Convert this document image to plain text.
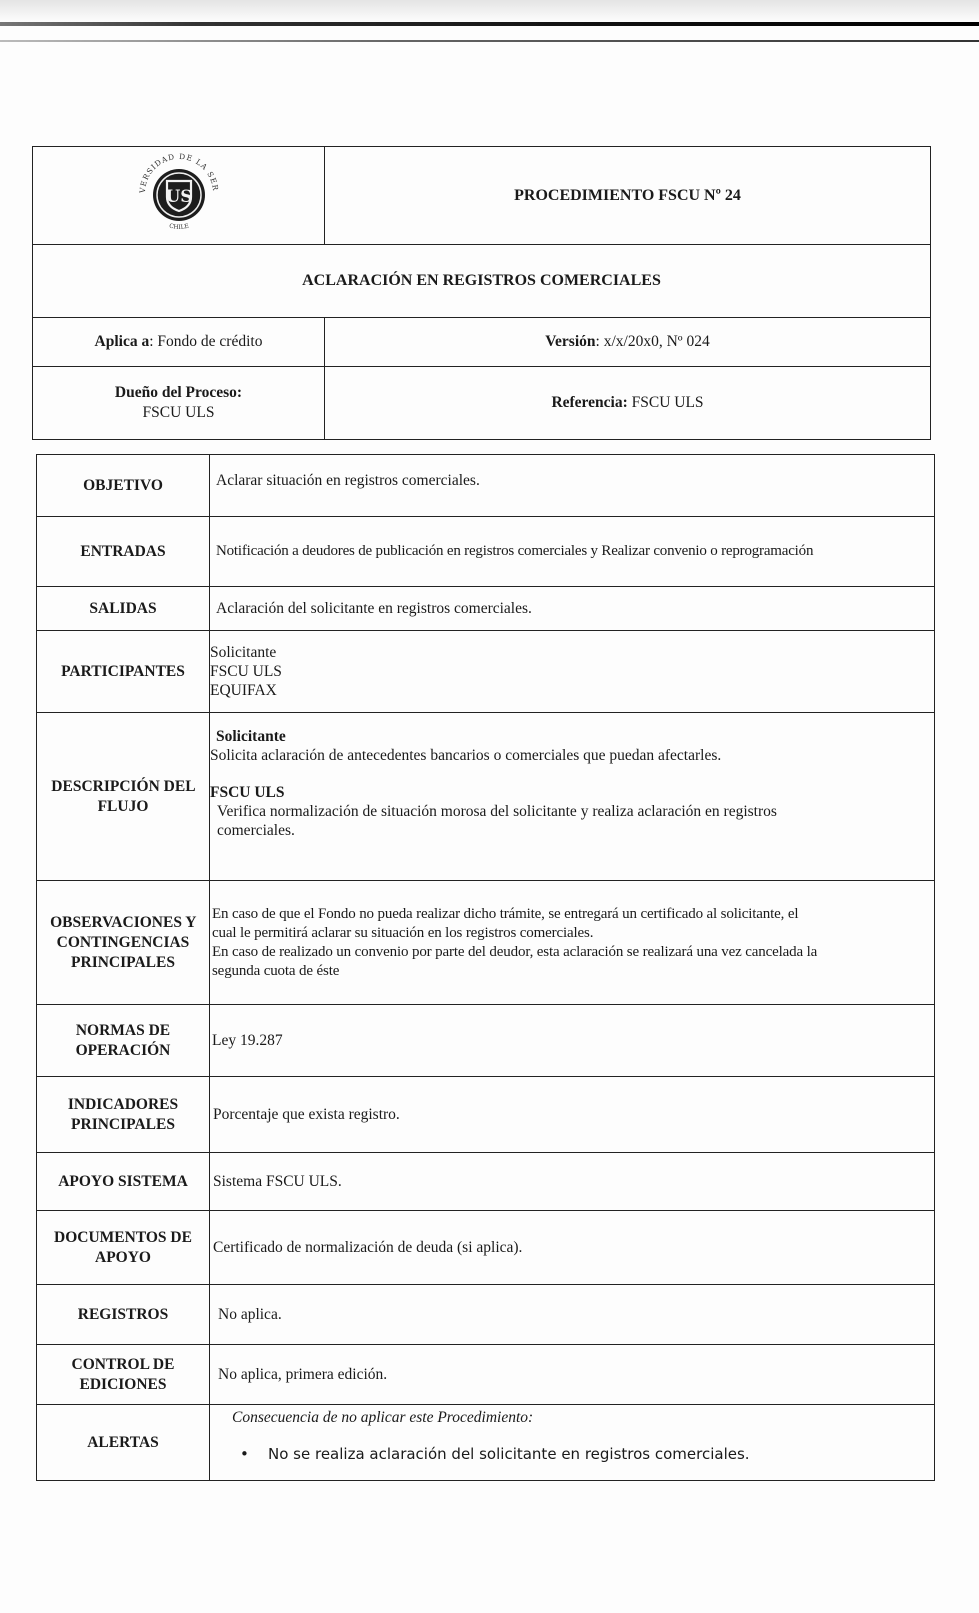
VERSIDAD DE LA SER
CHILE
US	PROCEDIMIENTO FSCU Nº 24
ACLARACIÓN EN REGISTROS COMERCIALES	
Aplica a: Fondo de crédito	Versión: x/x/20x0, Nº 024

Dueño del Proceso:
FSCU ULS	Referencia: FSCU ULS
OBJETIVO	Aclarar situación en registros comerciales.
ENTRADAS	Notificación a deudores de publicación en registros comerciales y Realizar convenio o reprogramación
SALIDAS	Aclaración del solicitante en registros comerciales.
PARTICIPANTES	Solicitante
FSCU ULS
EQUIFAX

DESCRIPCIÓN DEL FLUJO	Solicitante
Solicita aclaración de antecedentes bancarios o comerciales que puedan afectarles.
FSCU ULS
Verifica normalización de situación morosa del solicitante y realiza aclaración en registros
comerciales.

OBSERVACIONES Y CONTINGENCIAS PRINCIPALES	En caso de que el Fondo no pueda realizar dicho trámite, se entregará un certificado al solicitante, el
cual le permitirá aclarar su situación en los registros comerciales.
En caso de realizado un convenio por parte del deudor, esta aclaración se realizará una vez cancelada la
segunda cuota de éste

NORMAS DE OPERACIÓN	Ley 19.287
INDICADORES PRINCIPALES	Porcentaje que exista registro.
APOYO SISTEMA	Sistema FSCU ULS.
DOCUMENTOS DE APOYO	Certificado de normalización de deuda (si aplica).
REGISTROS	No aplica.
CONTROL DE EDICIONES	No aplica, primera edición.
ALERTAS	Consecuencia de no aplicar este Procedimiento:
• No se realiza aclaración del solicitante en registros comerciales.
